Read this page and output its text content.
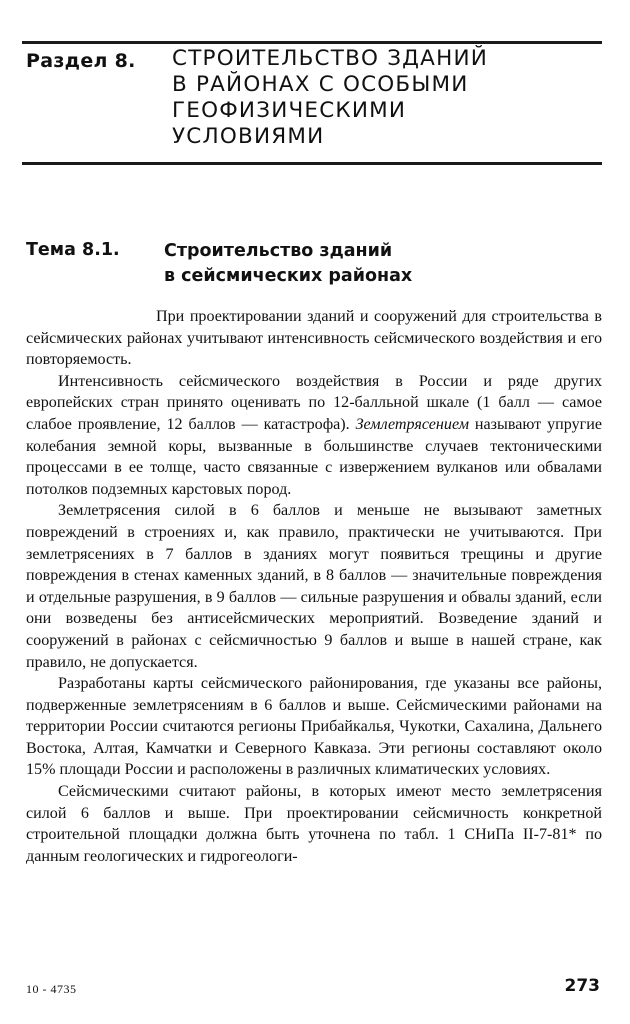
Раздел 8. СТРОИТЕЛЬСТВО ЗДАНИЙ
В РАЙОНАХ С ОСОБЫМИ
ГЕОФИЗИЧЕСКИМИ
УСЛОВИЯМИ
Тема 8.1.	Строительство зданий
в сейсмических районах

При проектировании зданий и сооружений для строительства в сейсмических районах учитывают интенсивность сейсмического воздействия и его повторяемость.

Интенсивность сейсмического воздействия в России и ряде других европейских стран принято оценивать по 12-балльной шкале (1 балл — самое слабое проявление, 12 баллов — катастрофа). Землетрясением называют упругие колебания земной коры, вызванные в большинстве случаев тектоническими процессами в ее толще, часто связанные с извержением вулканов или обвалами потолков подземных карстовых пород.

Землетрясения силой в 6 баллов и меньше не вызывают заметных повреждений в строениях и, как правило, практически не учитываются. При землетрясениях в 7 баллов в зданиях могут появиться трещины и другие повреждения в стенах каменных зданий, в 8 баллов — значительные повреждения и отдельные разрушения, в 9 баллов — сильные разрушения и обвалы зданий, если они возведены без антисейсмических мероприятий. Возведение зданий и сооружений в районах с сейсмичностью 9 баллов и выше в нашей стране, как правило, не допускается.

Разработаны карты сейсмического районирования, где указаны все районы, подверженные землетрясениям в 6 баллов и выше. Сейсмическими районами на территории России считаются регионы Прибайкалья, Чукотки, Сахалина, Дальнего Востока, Алтая, Камчатки и Северного Кавказа. Эти регионы составляют около 15% площади России и расположены в различных климатических условиях.

Сейсмическими считают районы, в которых имеют место землетрясения силой 6 баллов и выше. При проектировании сейсмичность конкретной строительной площадки должна быть уточнена по табл. 1 СНиПа II-7-81* по данным геологических и гидрогеологи-

10 - 4735	273
